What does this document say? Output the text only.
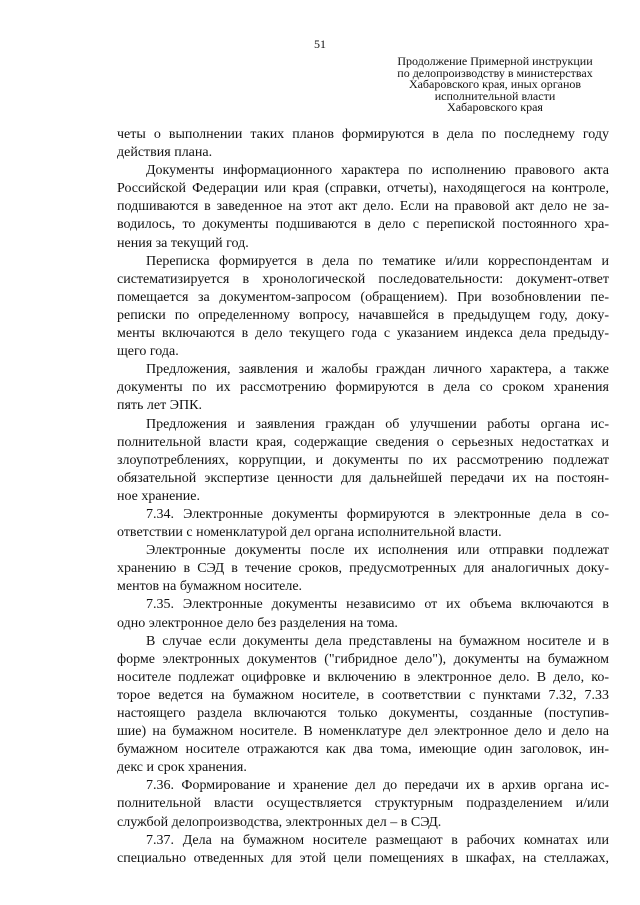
51
Продолжение Примерной инструкции
по делопроизводству в министерствах
Хабаровского края, иных органов
исполнительной власти
Хабаровского края

четы о выполнении таких планов формируются в дела по последнему году
действия плана.

Документы информационного характера по исполнению правового акта
Российской Федерации или края (справки, отчеты), находящегося на контроле,
подшиваются в заведенное на этот акт дело. Если на правовой акт дело не за-
водилось, то документы подшиваются в дело с перепиской постоянного хра-
нения за текущий год.

Переписка формируется в дела по тематике и/или корреспондентам и
систематизируется в хронологической последовательности: документ-ответ
помещается за документом-запросом (обращением). При возобновлении пе-
реписки по определенному вопросу, начавшейся в предыдущем году, доку-
менты включаются в дело текущего года с указанием индекса дела предыду-
щего года.

Предложения, заявления и жалобы граждан личного характера, а также
документы по их рассмотрению формируются в дела со сроком хранения
пять лет ЭПК.

Предложения и заявления граждан об улучшении работы органа ис-
полнительной власти края, содержащие сведения о серьезных недостатках и
злоупотреблениях, коррупции, и документы по их рассмотрению подлежат
обязательной экспертизе ценности для дальнейшей передачи их на постоян-
ное хранение.

7.34. Электронные документы формируются в электронные дела в со-
ответствии с номенклатурой дел органа исполнительной власти.

Электронные документы после их исполнения или отправки подлежат
хранению в СЭД в течение сроков, предусмотренных для аналогичных доку-
ментов на бумажном носителе.

7.35. Электронные документы независимо от их объема включаются в
одно электронное дело без разделения на тома.

В случае если документы дела представлены на бумажном носителе и в
форме электронных документов ("гибридное дело"), документы на бумажном
носителе подлежат оцифровке и включению в электронное дело. В дело, ко-
торое ведется на бумажном носителе, в соответствии с пунктами 7.32, 7.33
настоящего раздела включаются только документы, созданные (поступив-
шие) на бумажном носителе. В номенклатуре дел электронное дело и дело на
бумажном носителе отражаются как два тома, имеющие один заголовок, ин-
декс и срок хранения.

7.36. Формирование и хранение дел до передачи их в архив органа ис-
полнительной власти осуществляется структурным подразделением и/или
службой делопроизводства, электронных дел – в СЭД.

7.37. Дела на бумажном носителе размещают в рабочих комнатах или
специально отведенных для этой цели помещениях в шкафах, на стеллажах,
